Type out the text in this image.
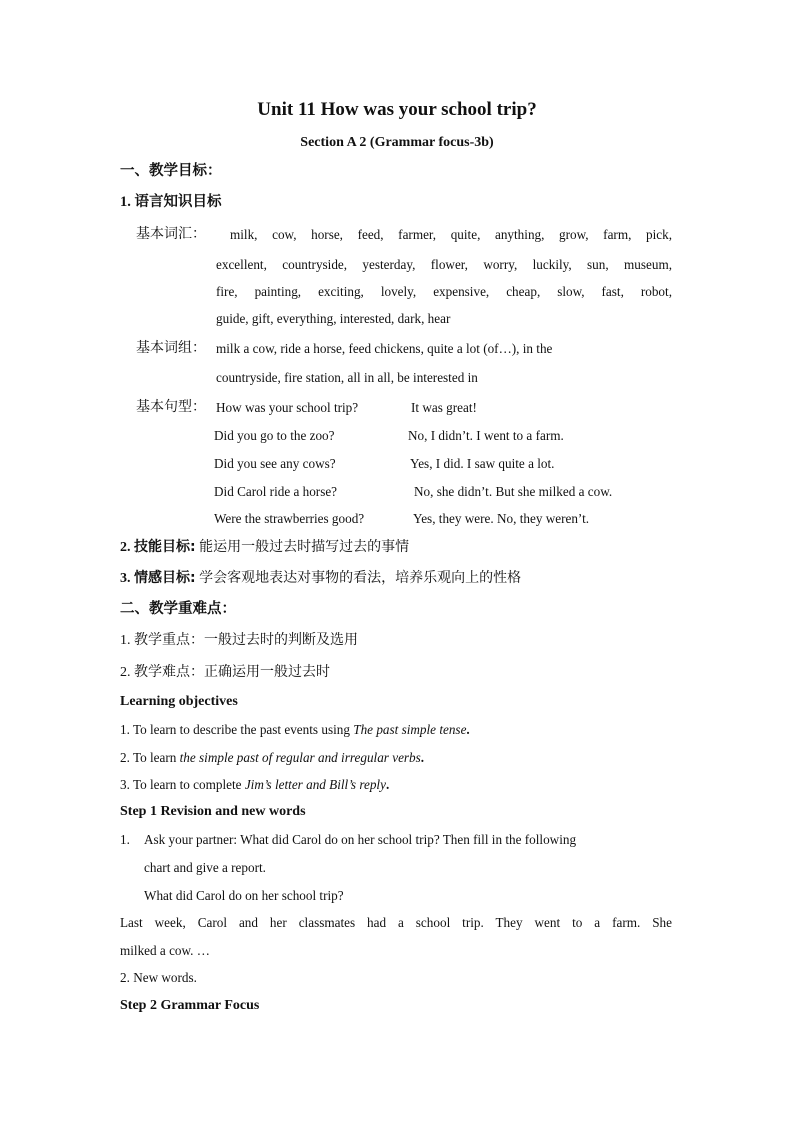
Unit 11 How was your school trip?
Section A 2 (Grammar focus-3b)
一、教学目标：
1. 语言知识目标
基本词汇： milk, cow, horse, feed, farmer, quite, anything, grow, farm, pick,
excellent, countryside, yesterday, flower, worry, luckily, sun, museum,
fire, painting, exciting, lovely, expensive, cheap, slow, fast, robot,
guide, gift, everything, interested, dark, hear
基本词组： milk a cow, ride a horse, feed chickens, quite a lot (of…), in the
countryside, fire station, all in all, be interested in
基本句型： How was your school trip?	It was great!
Did you go to the zoo?	No, I didn’t. I went to a farm.
Did you see any cows?	Yes, I did. I saw quite a lot.
Did Carol ride a horse?	No, she didn’t. But she milked a cow.
Were the strawberries good?	Yes, they were. No, they weren’t.
2. 技能目标: 能运用一般过去时描写过去的事情
3. 情感目标: 学会客观地表达对事物的看法，培养乐观向上的性格
二、教学重难点：
1. 教学重点：一般过去时的判断及选用
2. 教学难点：正确运用一般过去时
Learning objectives
1. To learn to describe the past events using The past simple tense.
2. To learn the simple past of regular and irregular verbs.
3. To learn to complete Jim’s letter and Bill’s reply.
Step 1 Revision and new words
1. Ask your partner: What did Carol do on her school trip? Then fill in the following
chart and give a report.
What did Carol do on her school trip?
Last week, Carol and her classmates had a school trip. They went to a farm. She
milked a cow. …
2. New words.
Step 2 Grammar Focus
